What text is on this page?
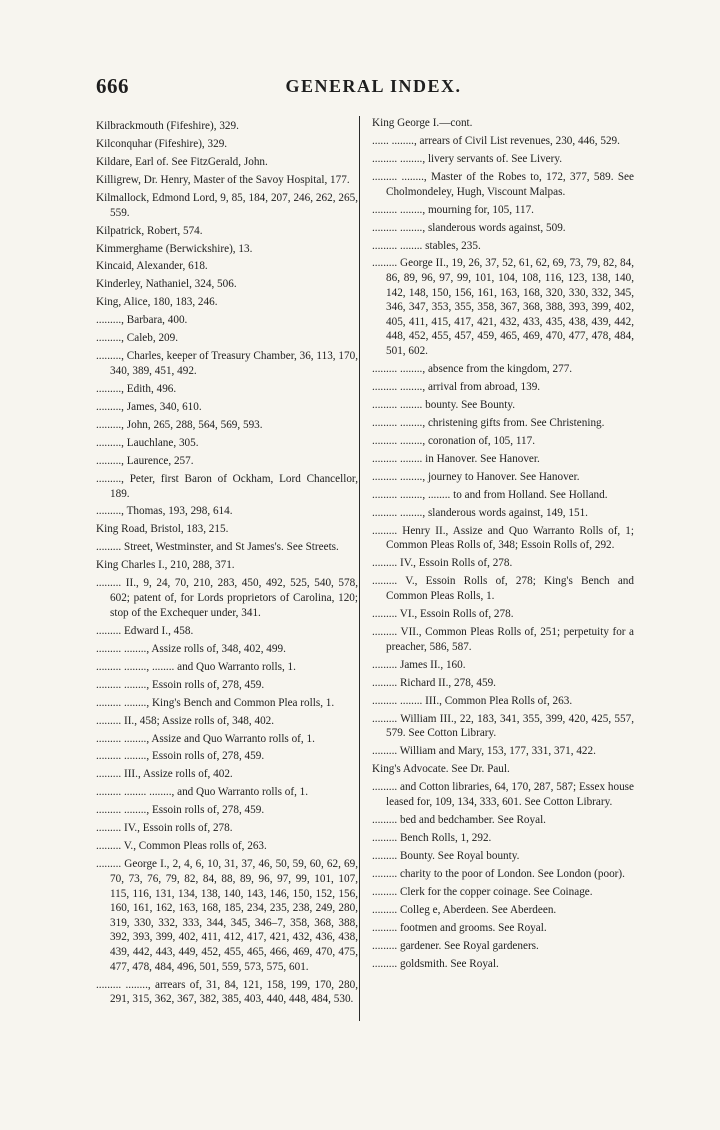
666	GENERAL INDEX.
Kilbrackmouth (Fifeshire), 329.
Kilconquhar (Fifeshire), 329.
Kildare, Earl of. See FitzGerald, John.
Killigrew, Dr. Henry, Master of the Savoy Hospital, 177.
Kilmallock, Edmond Lord, 9, 85, 184, 207, 246, 262, 265, 559.
Kilpatrick, Robert, 574.
Kimmerghame (Berwickshire), 13.
Kincaid, Alexander, 618.
Kinderley, Nathaniel, 324, 506.
King, Alice, 180, 183, 246.
........., Barbara, 400.
........., Caleb, 209.
........., Charles, keeper of Treasury Chamber, 36, 113, 170, 340, 389, 451, 492.
........., Edith, 496.
........., James, 340, 610.
........., John, 265, 288, 564, 569, 593.
........., Lauchlane, 305.
........., Laurence, 257.
........., Peter, first Baron of Ockham, Lord Chancellor, 189.
........., Thomas, 193, 298, 614.
King Road, Bristol, 183, 215.
......... Street, Westminster, and St James's. See Streets.
King Charles I., 210, 288, 371.
......... II., 9, 24, 70, 210, 283, 450, 492, 525, 540, 578, 602; patent of, for Lords proprietors of Carolina, 120; stop of the Exchequer under, 341.
......... Edward I., 458.
......... ........, Assize rolls of, 348, 402, 499.
......... ........, ........ and Quo Warranto rolls, 1.
......... ........, Essoin rolls of, 278, 459.
......... ........, King's Bench and Common Plea rolls, 1.
......... II., 458; Assize rolls of, 348, 402.
......... ........, Assize and Quo Warranto rolls of, 1.
......... ........, Essoin rolls of, 278, 459.
......... III., Assize rolls of, 402.
......... ........ ........, and Quo Warranto rolls of, 1.
......... ........, Essoin rolls of, 278, 459.
......... IV., Essoin rolls of, 278.
......... V., Common Pleas rolls of, 263.
......... George I., 2, 4, 6, 10, 31, 37, 46, 50, 59, 60, 62, 69, 70, 73, 76, 79, 82, 84, 88, 89, 96, 97, 99, 101, 107, 115, 116, 131, 134, 138, 140, 143, 146, 150, 152, 156, 160, 161, 162, 163, 168, 185, 234, 235, 238, 249, 280, 319, 330, 332, 333, 344, 345, 346–7, 358, 368, 388, 392, 393, 399, 402, 411, 412, 417, 421, 432, 436, 438, 439, 442, 443, 449, 452, 455, 465, 466, 469, 470, 475, 477, 478, 484, 496, 501, 559, 573, 575, 601.
......... ........, arrears of, 31, 84, 121, 158, 199, 170, 280, 291, 315, 362, 367, 382, 385, 403, 440, 448, 484, 530.
King George I.—cont.
...... ........, arrears of Civil List revenues, 230, 446, 529.
......... ........, livery servants of. See Livery.
......... ........, Master of the Robes to, 172, 377, 589. See Cholmondeley, Hugh, Viscount Malpas.
......... ........, mourning for, 105, 117.
......... ........, slanderous words against, 509.
......... ........ stables, 235.
......... George II., 19, 26, 37, 52, 61, 62, 69, 73, 79, 82, 84, 86, 89, 96, 97, 99, 101, 104, 108, 116, 123, 138, 140, 142, 148, 150, 156, 161, 163, 168, 320, 330, 332, 345, 346, 347, 353, 355, 358, 367, 368, 388, 393, 399, 402, 405, 411, 415, 417, 421, 432, 433, 435, 438, 439, 442, 448, 452, 455, 457, 459, 465, 469, 470, 477, 478, 484, 501, 602.
......... ........, absence from the kingdom, 277.
......... ........, arrival from abroad, 139.
......... ........ bounty. See Bounty.
......... ........, christening gifts from. See Christening.
......... ........, coronation of, 105, 117.
......... ........ in Hanover. See Hanover.
......... ........, journey to Hanover. See Hanover.
......... ........, ........ to and from Holland. See Holland.
......... ........, slanderous words against, 149, 151.
......... Henry II., Assize and Quo Warranto Rolls of, 1; Common Pleas Rolls of, 348; Essoin Rolls of, 292.
......... IV., Essoin Rolls of, 278.
......... V., Essoin Rolls of, 278; King's Bench and Common Pleas Rolls, 1.
......... VI., Essoin Rolls of, 278.
......... VII., Common Pleas Rolls of, 251; perpetuity for a preacher, 586, 587.
......... James II., 160.
......... Richard II., 278, 459.
......... ........ III., Common Plea Rolls of, 263.
......... William III., 22, 183, 341, 355, 399, 420, 425, 557, 579. See Cotton Library.
......... William and Mary, 153, 177, 331, 371, 422.
King's Advocate. See Dr. Paul.
......... and Cotton libraries, 64, 170, 287, 587; Essex house leased for, 109, 134, 333, 601. See Cotton Library.
......... bed and bedchamber. See Royal.
......... Bench Rolls, 1, 292.
......... Bounty. See Royal bounty.
......... charity to the poor of London. See London (poor).
......... Clerk for the copper coinage. See Coinage.
......... Colleg e, Aberdeen. See Aberdeen.
......... footmen and grooms. See Royal.
......... gardener. See Royal gardeners.
......... goldsmith. See Royal.
